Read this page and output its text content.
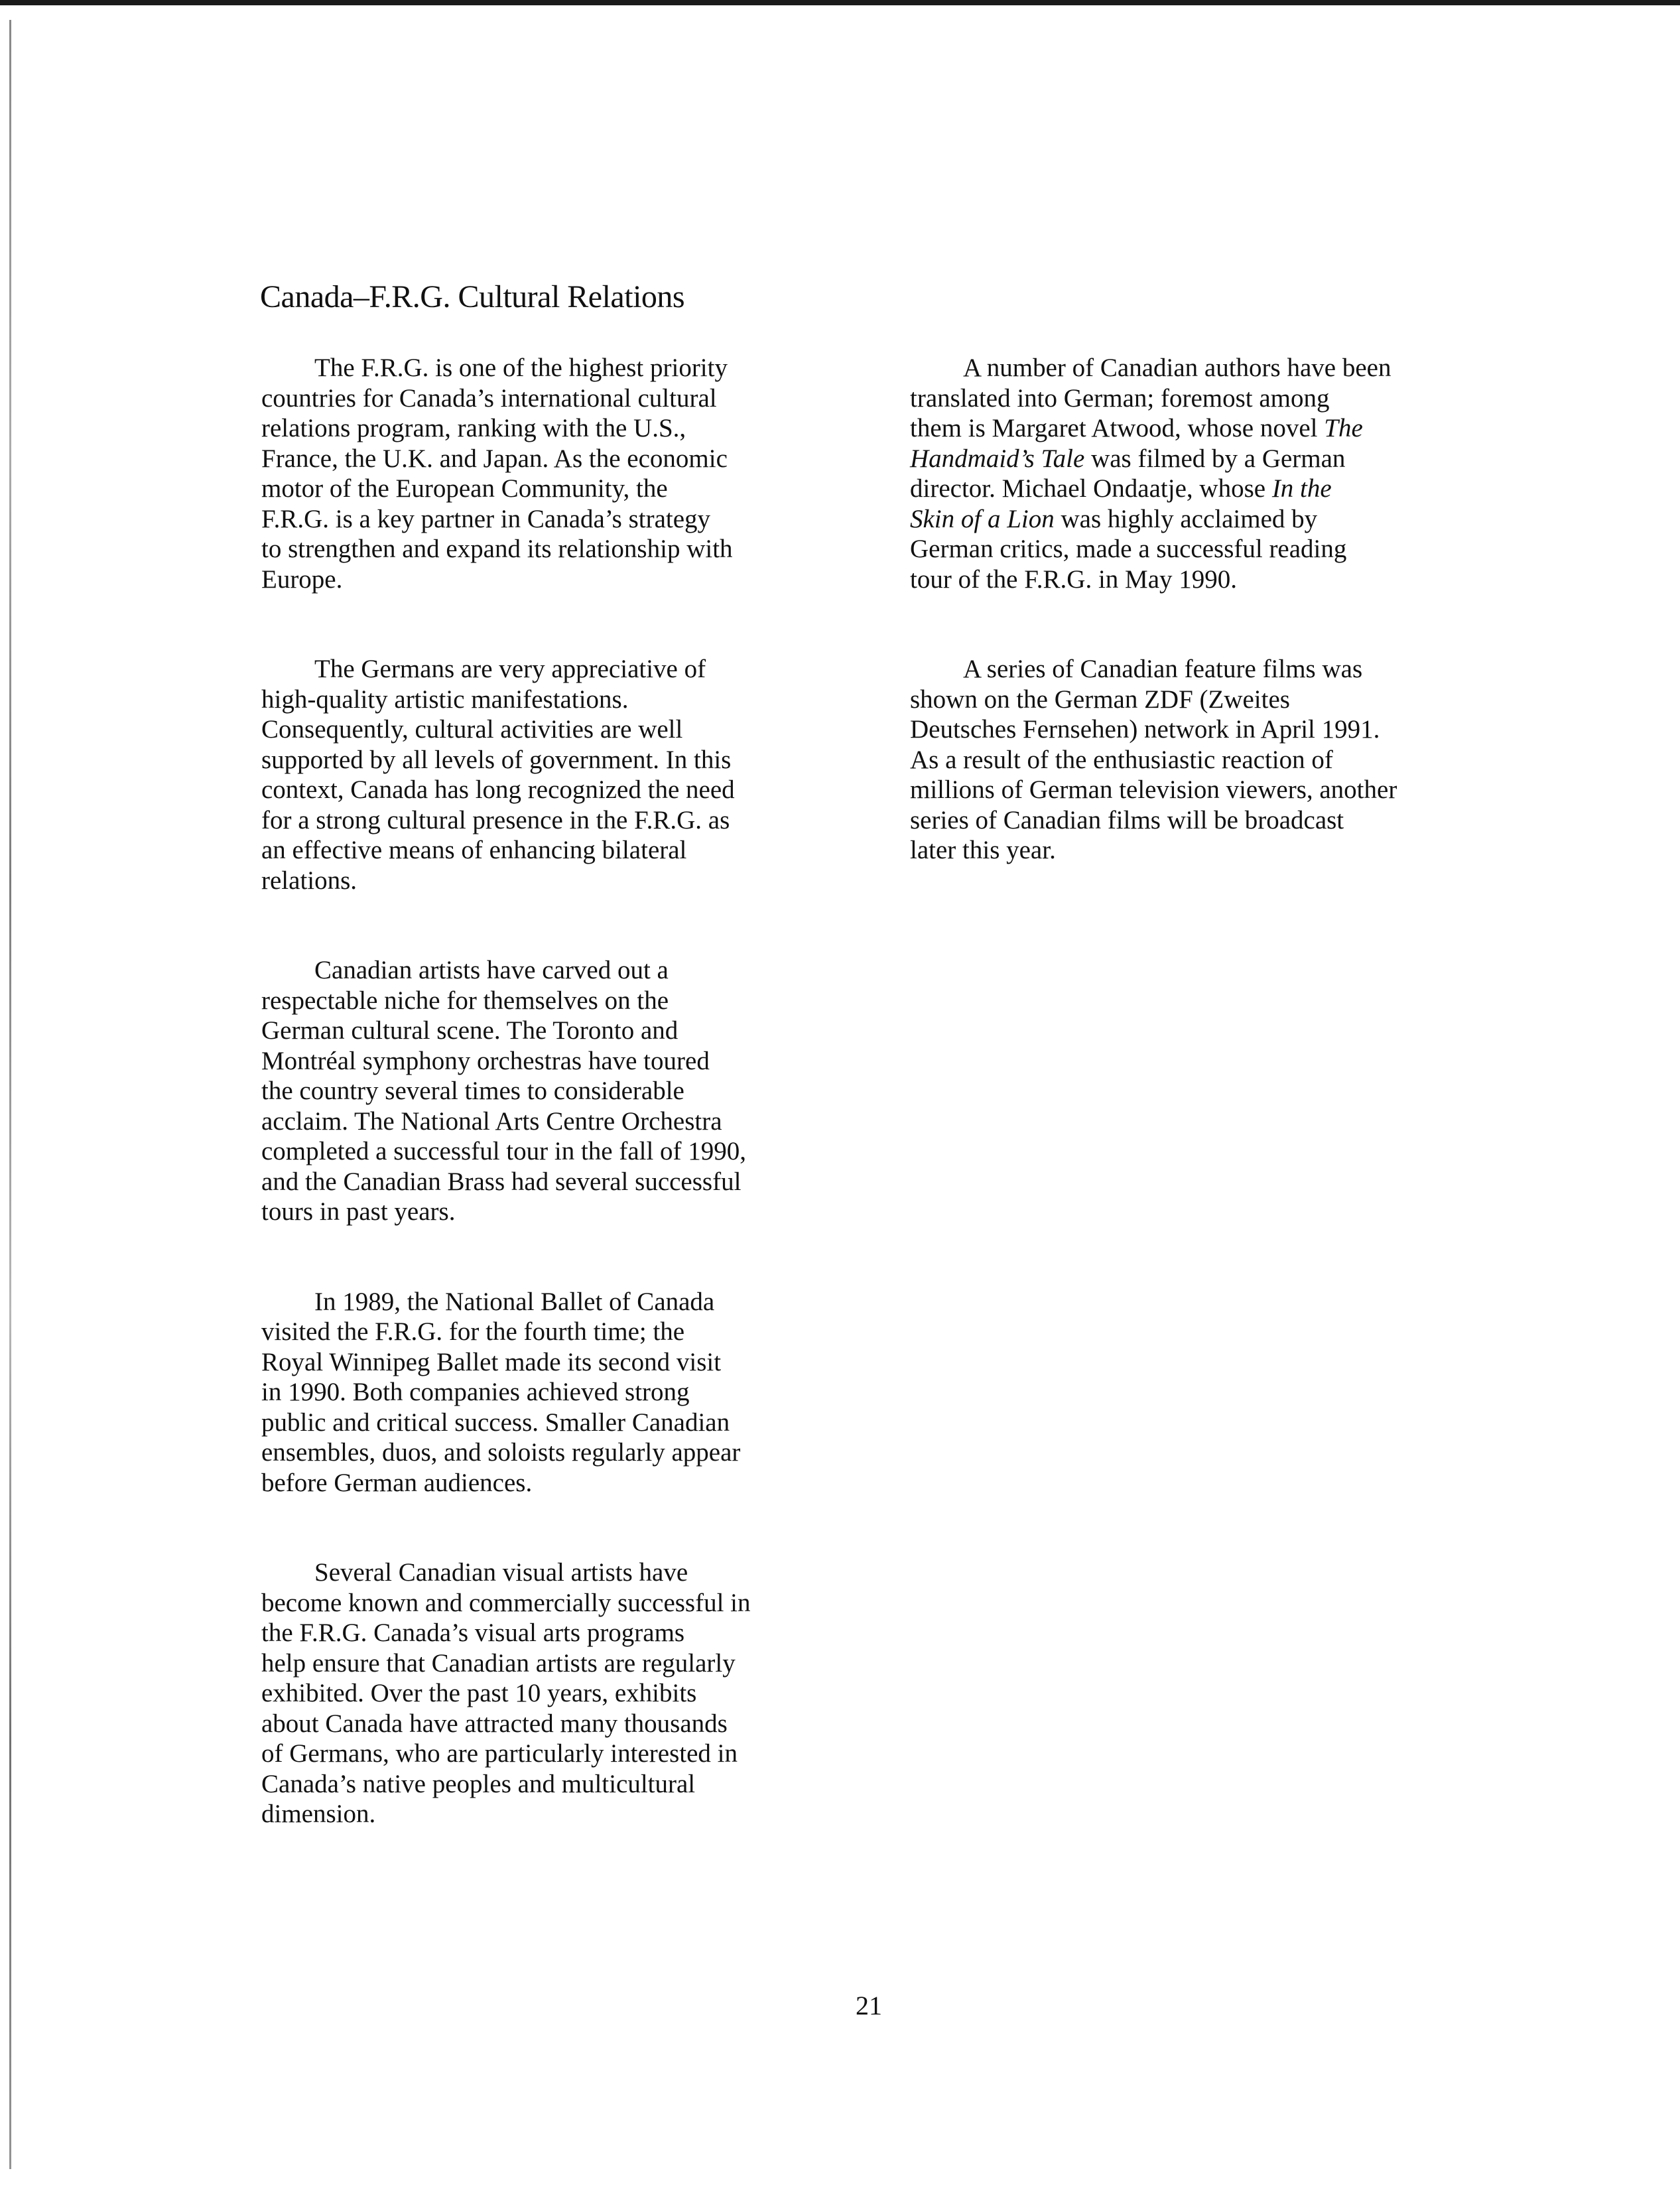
Canada–F.R.G. Cultural Relations

The F.R.G. is one of the highest priority
countries for Canada’s international cultural
relations program, ranking with the U.S.,
France, the U.K. and Japan. As the economic
motor of the European Community, the
F.R.G. is a key partner in Canada’s strategy
to strengthen and expand its relationship with
Europe.

The Germans are very appreciative of
high-quality artistic manifestations.
Consequently, cultural activities are well
supported by all levels of government. In this
context, Canada has long recognized the need
for a strong cultural presence in the F.R.G. as
an effective means of enhancing bilateral
relations.

Canadian artists have carved out a
respectable niche for themselves on the
German cultural scene. The Toronto and
Montréal symphony orchestras have toured
the country several times to considerable
acclaim. The National Arts Centre Orchestra
completed a successful tour in the fall of 1990,
and the Canadian Brass had several successful
tours in past years.

In 1989, the National Ballet of Canada
visited the F.R.G. for the fourth time; the
Royal Winnipeg Ballet made its second visit
in 1990. Both companies achieved strong
public and critical success. Smaller Canadian
ensembles, duos, and soloists regularly appear
before German audiences.

Several Canadian visual artists have
become known and commercially successful in
the F.R.G. Canada’s visual arts programs
help ensure that Canadian artists are regularly
exhibited. Over the past 10 years, exhibits
about Canada have attracted many thousands
of Germans, who are particularly interested in
Canada’s native peoples and multicultural
dimension.

A number of Canadian authors have been
translated into German; foremost among
them is Margaret Atwood, whose novel The
Handmaid’s Tale was filmed by a German
director. Michael Ondaatje, whose In the
Skin of a Lion was highly acclaimed by
German critics, made a successful reading
tour of the F.R.G. in May 1990.

A series of Canadian feature films was
shown on the German ZDF (Zweites
Deutsches Fernsehen) network in April 1991.
As a result of the enthusiastic reaction of
millions of German television viewers, another
series of Canadian films will be broadcast
later this year.

21
